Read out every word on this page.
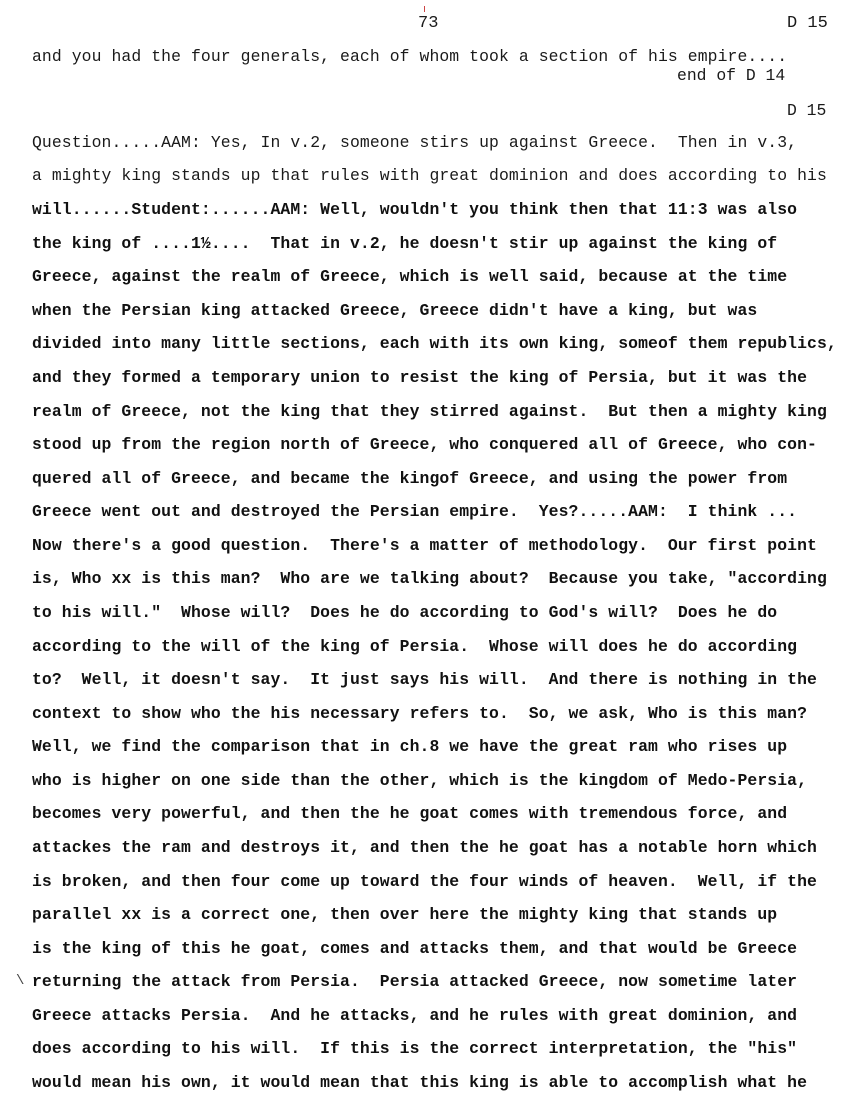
73	D 15
and you had the four generals, each of whom took a section of his empire....
end of D 14
D 15
Question.....AAM: Yes, In v.2, someone stirs up against Greece.  Then in v.3,
a mighty king stands up that rules with great dominion and does according to his
will......Student:......AAM: Well, wouldn't you think then that 11:3 was also
the king of ....1½....  That in v.2, he doesn't stir up against the king of
Greece, against the realm of Greece, which is well said, because at the time
when the Persian king attacked Greece, Greece didn't have a king, but was
divided into many little sections, each with its own king, someof them republics,
and they formed a temporary union to resist the king of Persia, but it was the
realm of Greece, not the king that they stirred against.  But then a mighty king
stood up from the region north of Greece, who conquered all of Greece, who con-
quered all of Greece, and became the kingof Greece, and using the power from
Greece went out and destroyed the Persian empire.  Yes?.....AAM:  I think ...
Now there's a good question.  There's a matter of methodology.  Our first point
is, Who xx is this man?  Who are we talking about?  Because you take, "according
to his will."  Whose will?  Does he do according to God's will?  Does he do
according to the will of the king of Persia.  Whose will does he do according
to?  Well, it doesn't say.  It just says his will.  And there is nothing in the
context to show who the his necessary refers to.  So, we ask, Who is this man?
Well, we find the comparison that in ch.8 we have the great ram who rises up
who is higher on one side than the other, which is the kingdom of Medo-Persia,
becomes very powerful, and then the he goat comes with tremendous force, and
attackes the ram and destroys it, and then the he goat has a notable horn which
is broken, and then four come up toward the four winds of heaven.  Well, if the
parallel xx is a correct one, then over here the mighty king that stands up
is the king of this he goat, comes and attacks them, and that would be Greece
returning the attack from Persia.  Persia attacked Greece, now sometime later
Greece attacks Persia.  And he attacks, and he rules with great dominion, and
does according to his will.  If this is the correct interpretation, the "his"
would mean his own, it would mean that this king is able to accomplish what he
\
